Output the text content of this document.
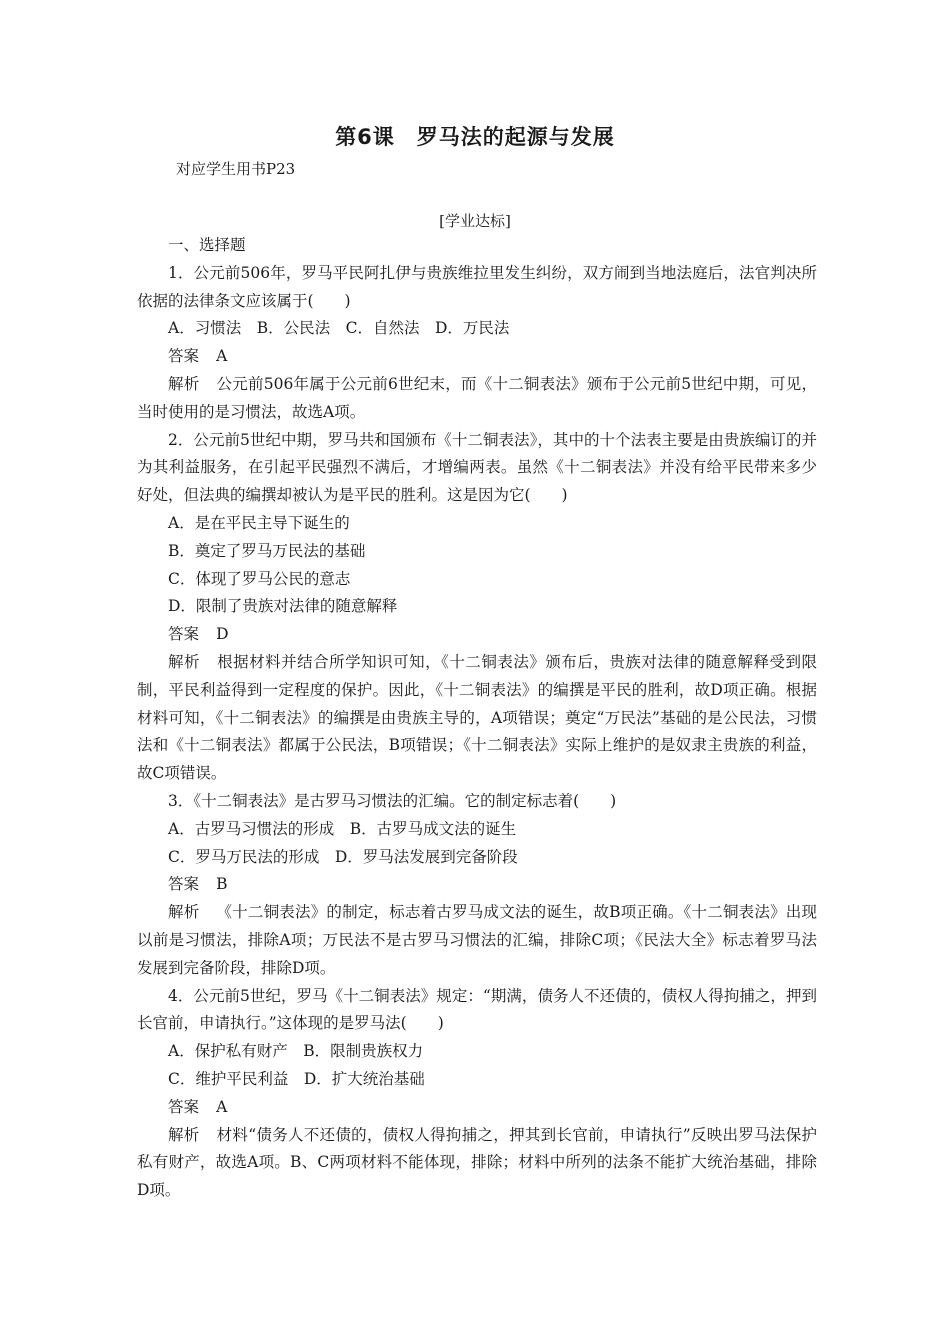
第6课　罗马法的起源与发展
对应学生用书P23
[学业达标]

一、选择题

1．公元前506年，罗马平民阿扎伊与贵族维拉里发生纠纷，双方闹到当地法庭后，法官判决所依据的法律条文应该属于(　　)

A．习惯法　B．公民法　C．自然法　D．万民法

答案 A

解析 公元前506年属于公元前6世纪末，而《十二铜表法》颁布于公元前5世纪中期，可见，当时使用的是习惯法，故选A项。

2．公元前5世纪中期，罗马共和国颁布《十二铜表法》，其中的十个法表主要是由贵族编订的并为其利益服务，在引起平民强烈不满后，才增编两表。虽然《十二铜表法》并没有给平民带来多少好处，但法典的编撰却被认为是平民的胜利。这是因为它(　　)

A．是在平民主导下诞生的

B．奠定了罗马万民法的基础

C．体现了罗马公民的意志

D．限制了贵族对法律的随意解释

答案 D

解析 根据材料并结合所学知识可知，《十二铜表法》颁布后，贵族对法律的随意解释受到限制，平民利益得到一定程度的保护。因此，《十二铜表法》的编撰是平民的胜利，故D项正确。根据材料可知，《十二铜表法》的编撰是由贵族主导的，A项错误；奠定“万民法”基础的是公民法，习惯法和《十二铜表法》都属于公民法，B项错误；《十二铜表法》实际上维护的是奴隶主贵族的利益，故C项错误。

3．《十二铜表法》是古罗马习惯法的汇编。它的制定标志着(　　)

A．古罗马习惯法的形成　B．古罗马成文法的诞生

C．罗马万民法的形成　D．罗马法发展到完备阶段

答案 B

解析 《十二铜表法》的制定，标志着古罗马成文法的诞生，故B项正确。《十二铜表法》出现以前是习惯法，排除A项；万民法不是古罗马习惯法的汇编，排除C项；《民法大全》标志着罗马法发展到完备阶段，排除D项。

4．公元前5世纪，罗马《十二铜表法》规定：“期满，债务人不还债的，债权人得拘捕之，押到长官前，申请执行。”这体现的是罗马法(　　)

A．保护私有财产　B．限制贵族权力

C．维护平民利益　D．扩大统治基础

答案 A

解析 材料“债务人不还债的，债权人得拘捕之，押其到长官前，申请执行”反映出罗马法保护私有财产，故选A项。B、C两项材料不能体现，排除；材料中所列的法条不能扩大统治基础，排除D项。
